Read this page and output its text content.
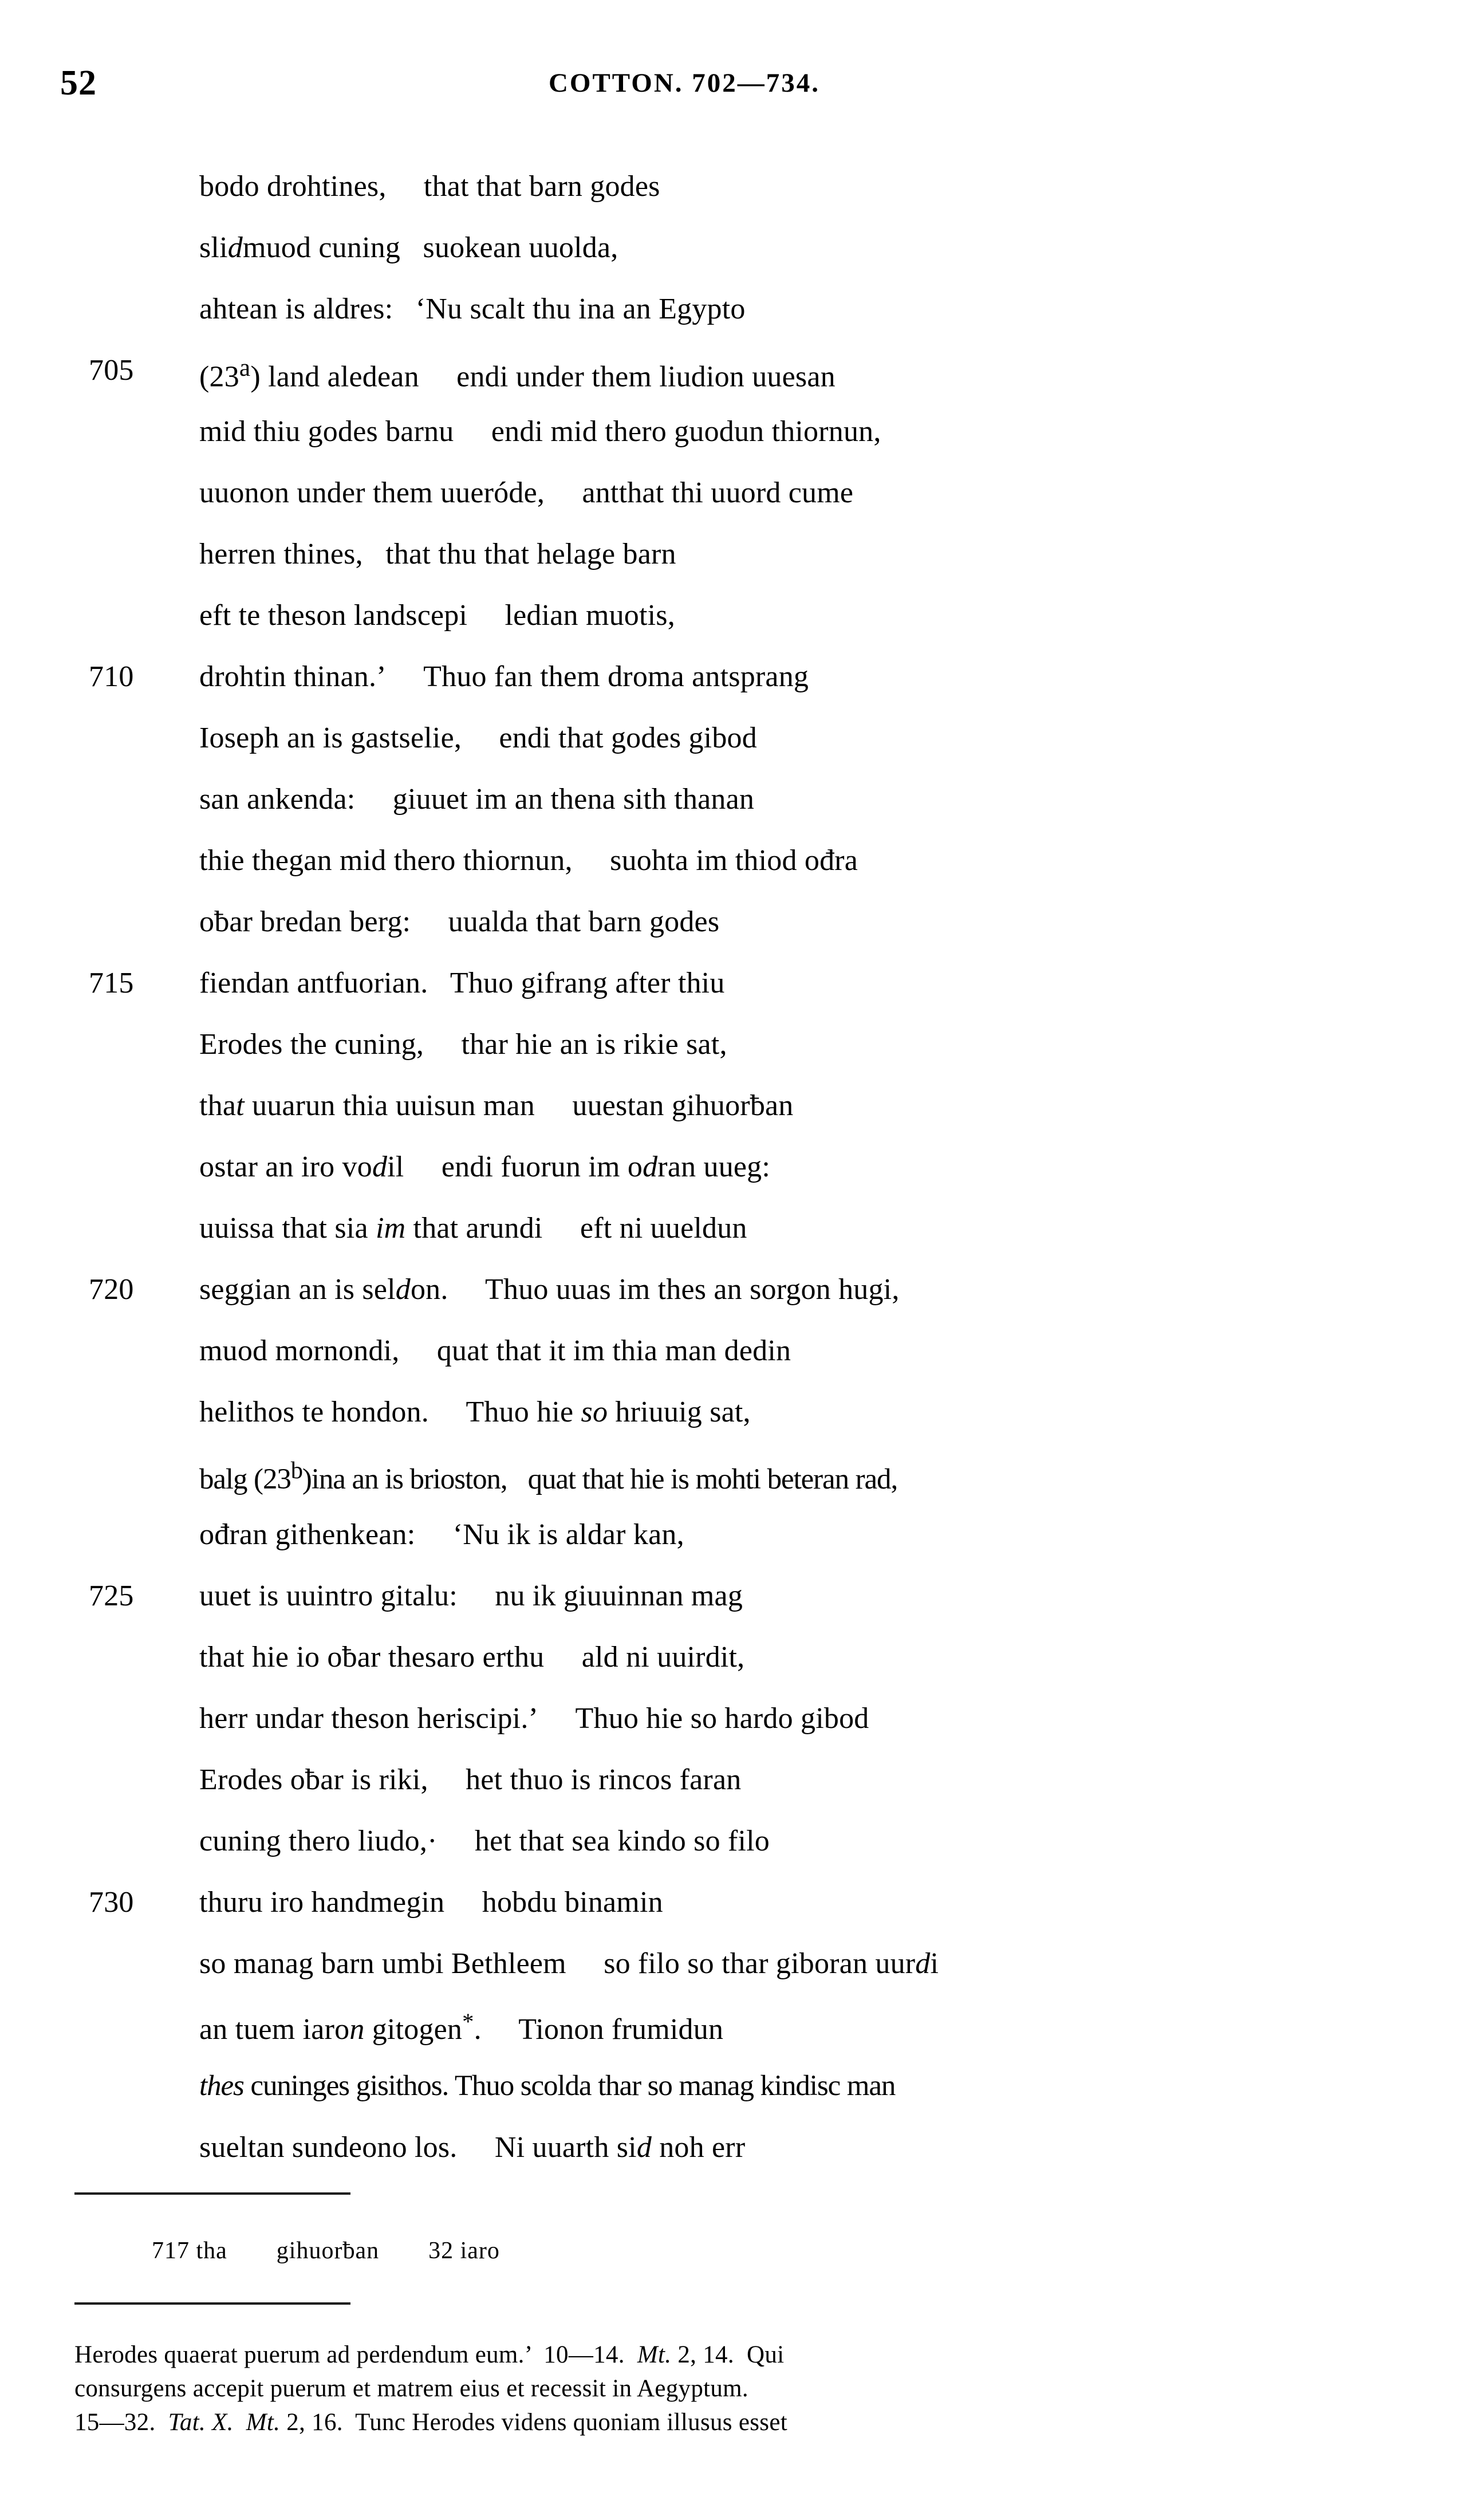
52	COTTON. 702—734.
bodo drohtines,  that that barn godes
slidmuod cuning  suokean uuolda,
ahtean is aldres:  ‘Nu scalt thu ina an Egypto
705	(23$^a$) land aledean  endi under them liudion uuesan
mid thiu godes barnu  endi mid thero guodun thiornun,
uuonon under them uueróde,  antthat thi uuord cume
herren thines,  that thu that helage barn
eft te theson landscepi  ledian muotis,
710	drohtin thinan.’  Thuo fan them droma antsprang
Ioseph an is gastselie,  endi that godes gibod
san ankenda:  giuuet im an thena sith thanan
thie thegan mid thero thiornun,  suohta im thiod ođra
oƀar bredan berg:  uualda that barn godes
715	fiendan antfuorian.  Thuo gifrang after thiu
Erodes the cuning,  thar hie an is rikie sat,
that uuarun thia uuisun man  uuestan gihuorƀan
ostar an iro vodil  endi fuorun im odran uueg:
uuissa that sia im that arundi  eft ni uueldun
720	seggian an is seldon.  Thuo uuas im thes an sorgon hugi,
muod mornondi,  quat that it im thia man dedin
helithos te hondon.  Thuo hie so hriuuig sat,
balg (23$^b$)ina an is brioston,  quat that hie is mohti beteran rad,
ođran githenkean:  ‘Nu ik is aldar kan,
725	uuet is uuintro gitalu:  nu ik giuuinnan mag
that hie io oƀar thesaro erthu  ald ni uuirdit,
herr undar theson heriscipi.’  Thuo hie so hardo gibod
Erodes oƀar is riki,  het thuo is rincos faran
cuning thero liudo,·  het that sea kindo so filo
730	thuru iro handmegin  hobdu binamin
so manag barn umbi Bethleem  so filo so thar giboran uurdi
an tuem iaron gitogen*.  Tionon frumidun
thes cuninges gisithos. Thuo scolda thar so manag kindisc man
sueltan sundeono los.  Ni uuarth sid noh err
717 tha  gihuorƀan  32 iaro
Herodes quaerat puerum ad perdendum eum.’  10—14.  Mt. 2, 14.  Qui
consurgens accepit puerum et matrem eius et recessit in Aegyptum.
15—32.  Tat. X. Mt. 2, 16.  Tunc Herodes videns quoniam illusus esset
